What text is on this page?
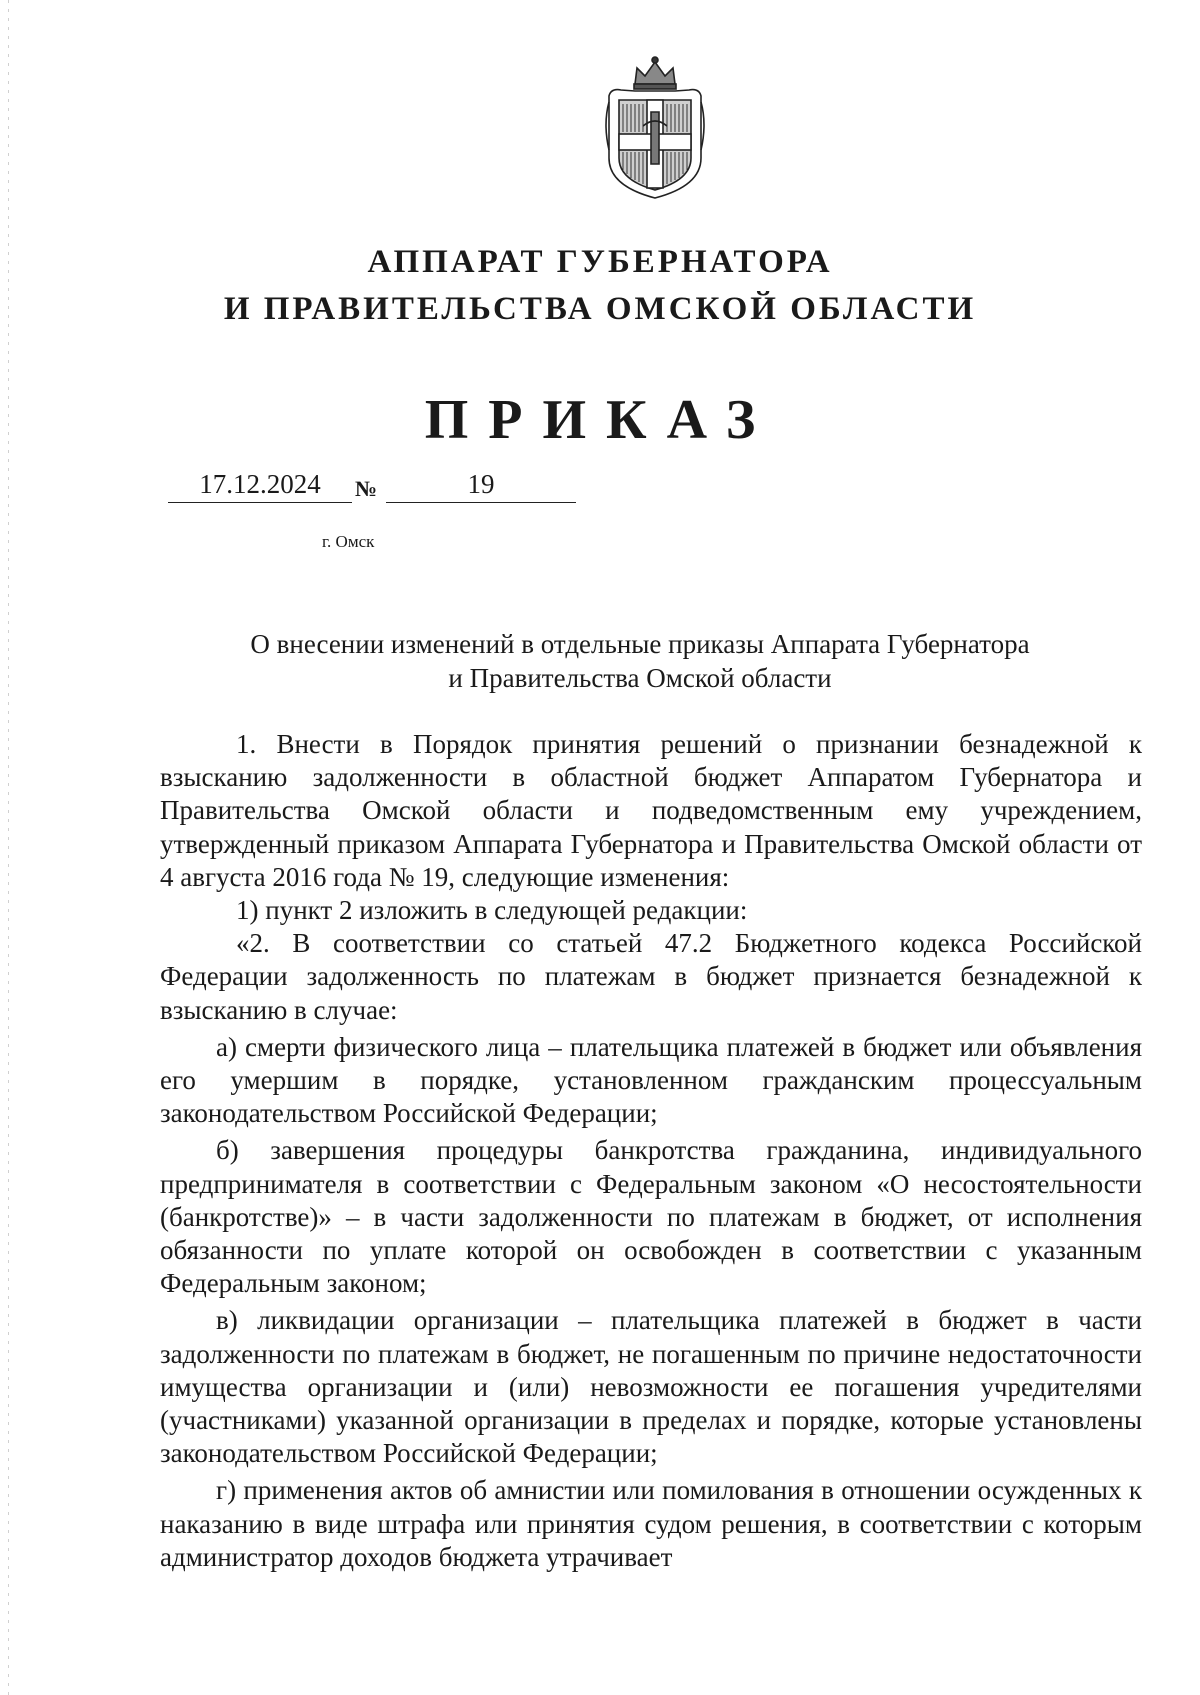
АППАРАТ ГУБЕРНАТОРА
И ПРАВИТЕЛЬСТВА ОМСКОЙ ОБЛАСТИ
ПРИКАЗ
17.12.2024	№	19
г. Омск
О внесении изменений в отдельные приказы Аппарата Губернатора
и Правительства Омской области

1. Внести в Порядок принятия решений о признании безнадежной к взысканию задолженности в областной бюджет Аппаратом Губернатора и Правительства Омской области и подведомственным ему учреждением, утвержденный приказом Аппарата Губернатора и Правительства Омской области от 4 августа 2016 года № 19, следующие изменения:

1) пункт 2 изложить в следующей редакции:

«2. В соответствии со статьей 47.2 Бюджетного кодекса Российской Федерации задолженность по платежам в бюджет признается безнадежной к взысканию в случае:

а) смерти физического лица – плательщика платежей в бюджет или объявления его умершим в порядке, установленном гражданским процессуальным законодательством Российской Федерации;

б) завершения процедуры банкротства гражданина, индивидуального предпринимателя в соответствии с Федеральным законом «О несостоятельности (банкротстве)» – в части задолженности по платежам в бюджет, от исполнения обязанности по уплате которой он освобожден в соответствии с указанным Федеральным законом;

в) ликвидации организации – плательщика платежей в бюджет в части задолженности по платежам в бюджет, не погашенным по причине недостаточности имущества организации и (или) невозможности ее погашения учредителями (участниками) указанной организации в пределах и порядке, которые установлены законодательством Российской Федерации;

г) применения актов об амнистии или помилования в отношении осужденных к наказанию в виде штрафа или принятия судом решения, в соответствии с которым администратор доходов бюджета утрачивает
